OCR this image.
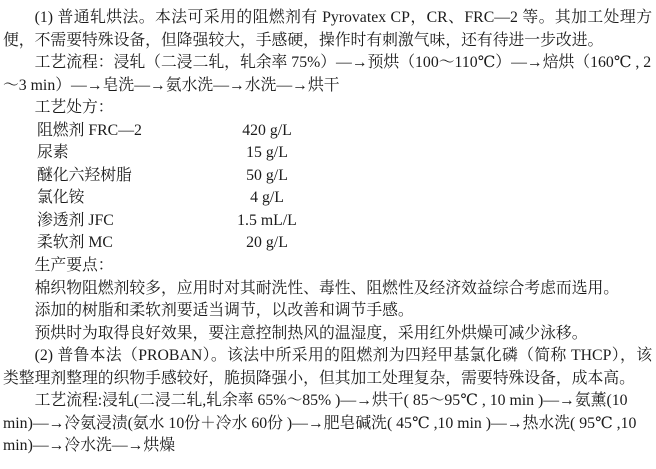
(1) 普通轧烘法。本法可采用的阻燃剂有 Pyrovatex CP，CR、FRC—2 等。其加工处理方便，不需要特殊设备，但降强较大，手感硬，操作时有刺激气味，还有待进一步改进。

工艺流程：浸轧（二浸二轧，轧余率 75%）—→预烘（100～110℃）—→焙烘（160℃ , 2～3 min）—→皂洗—→氨水洗—→水洗—→烘干

工艺处方：

阻燃剂 FRC—2	420 g/L
尿素	15 g/L
醚化六羟树脂	50 g/L
氯化铵	4 g/L
渗透剂 JFC	1.5 mL/L
柔软剂 MC	20 g/L

生产要点：

棉织物阻燃剂较多，应用时对其耐洗性、毒性、阻燃性及经济效益综合考虑而选用。

添加的树脂和柔软剂要适当调节，以改善和调节手感。

预烘时为取得良好效果，要注意控制热风的温湿度，采用红外烘燥可减少泳移。

(2) 普鲁本法（PROBAN）。该法中所采用的阻燃剂为四羟甲基氯化磷（简称 THCP），该类整理剂整理的织物手感较好，脆损降强小，但其加工处理复杂，需要特殊设备，成本高。

工艺流程:浸轧(二浸二轧,轧余率 65%～85% )—→烘干( 85～95℃ , 10 min )—→氨薰(10 min)—→冷氨浸渍(氨水 10份＋冷水 60份 )—→肥皂碱洗( 45℃ ,10 min )—→热水洗( 95℃ ,10 min)—→冷水洗—→烘燥
